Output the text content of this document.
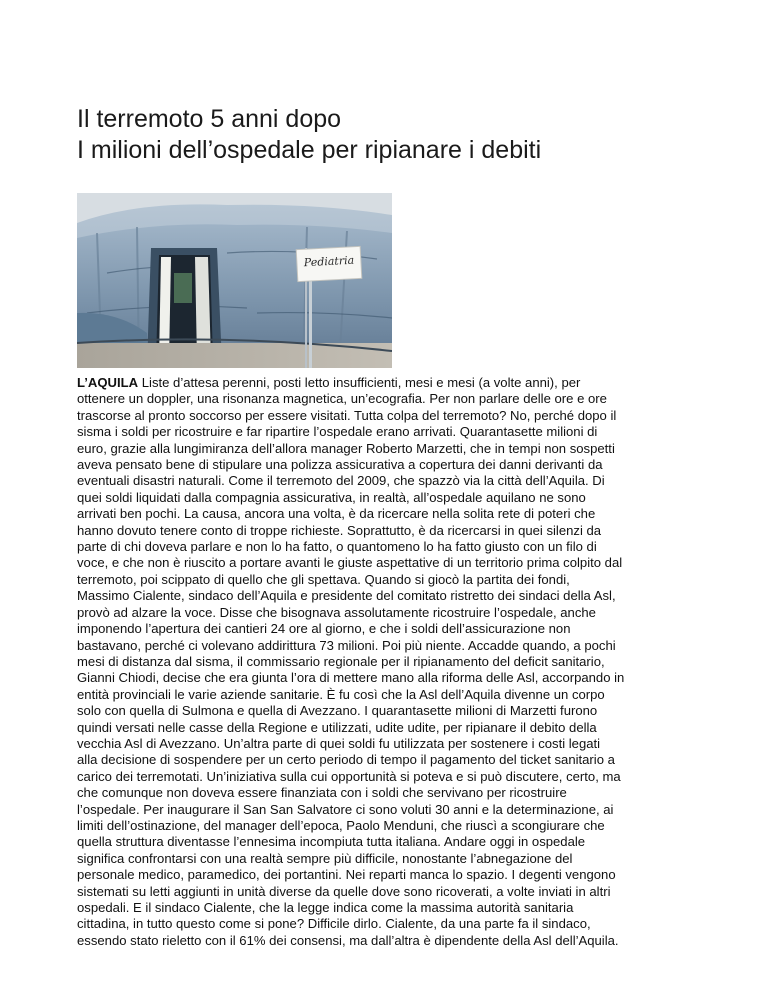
Il terremoto 5 anni dopo
I milioni dell’ospedale per ripianare i debiti
Pediatria
L’AQUILA Liste d’attesa perenni, posti letto insufficienti, mesi e mesi (a volte anni), per
ottenere un doppler, una risonanza magnetica, un’ecografia. Per non parlare delle ore e ore
trascorse al pronto soccorso per essere visitati. Tutta colpa del terremoto? No, perché dopo il
sisma i soldi per ricostruire e far ripartire l’ospedale erano arrivati. Quarantasette milioni di
euro, grazie alla lungimiranza dell’allora manager Roberto Marzetti, che in tempi non sospetti
aveva pensato bene di stipulare una polizza assicurativa a copertura dei danni derivanti da
eventuali disastri naturali. Come il terremoto del 2009, che spazzò via la città dell’Aquila. Di
quei soldi liquidati dalla compagnia assicurativa, in realtà, all’ospedale aquilano ne sono
arrivati ben pochi. La causa, ancora una volta, è da ricercare nella solita rete di poteri che
hanno dovuto tenere conto di troppe richieste. Soprattutto, è da ricercarsi in quei silenzi da
parte di chi doveva parlare e non lo ha fatto, o quantomeno lo ha fatto giusto con un filo di
voce, e che non è riuscito a portare avanti le giuste aspettative di un territorio prima colpito dal
terremoto, poi scippato di quello che gli spettava. Quando si giocò la partita dei fondi,
Massimo Cialente, sindaco dell’Aquila e presidente del comitato ristretto dei sindaci della Asl,
provò ad alzare la voce. Disse che bisognava assolutamente ricostruire l’ospedale, anche
imponendo l’apertura dei cantieri 24 ore al giorno, e che i soldi dell’assicurazione non
bastavano, perché ci volevano addirittura 73 milioni. Poi più niente. Accadde quando, a pochi
mesi di distanza dal sisma, il commissario regionale per il ripianamento del deficit sanitario,
Gianni Chiodi, decise che era giunta l’ora di mettere mano alla riforma delle Asl, accorpando in
entità provinciali le varie aziende sanitarie. È fu così che la Asl dell’Aquila divenne un corpo
solo con quella di Sulmona e quella di Avezzano. I quarantasette milioni di Marzetti furono
quindi versati nelle casse della Regione e utilizzati, udite udite, per ripianare il debito della
vecchia Asl di Avezzano. Un’altra parte di quei soldi fu utilizzata per sostenere i costi legati
alla decisione di sospendere per un certo periodo di tempo il pagamento del ticket sanitario a
carico dei terremotati. Un’iniziativa sulla cui opportunità si poteva e si può discutere, certo, ma
che comunque non doveva essere finanziata con i soldi che servivano per ricostruire
l’ospedale. Per inaugurare il San San Salvatore ci sono voluti 30 anni e la determinazione, ai
limiti dell’ostinazione, del manager dell’epoca, Paolo Menduni, che riuscì a scongiurare che
quella struttura diventasse l’ennesima incompiuta tutta italiana. Andare oggi in ospedale
significa confrontarsi con una realtà sempre più difficile, nonostante l’abnegazione del
personale medico, paramedico, dei portantini. Nei reparti manca lo spazio. I degenti vengono
sistemati su letti aggiunti in unità diverse da quelle dove sono ricoverati, a volte inviati in altri
ospedali. E il sindaco Cialente, che la legge indica come la massima autorità sanitaria
cittadina, in tutto questo come si pone? Difficile dirlo. Cialente, da una parte fa il sindaco,
essendo stato rieletto con il 61% dei consensi, ma dall’altra è dipendente della Asl dell’Aquila.
